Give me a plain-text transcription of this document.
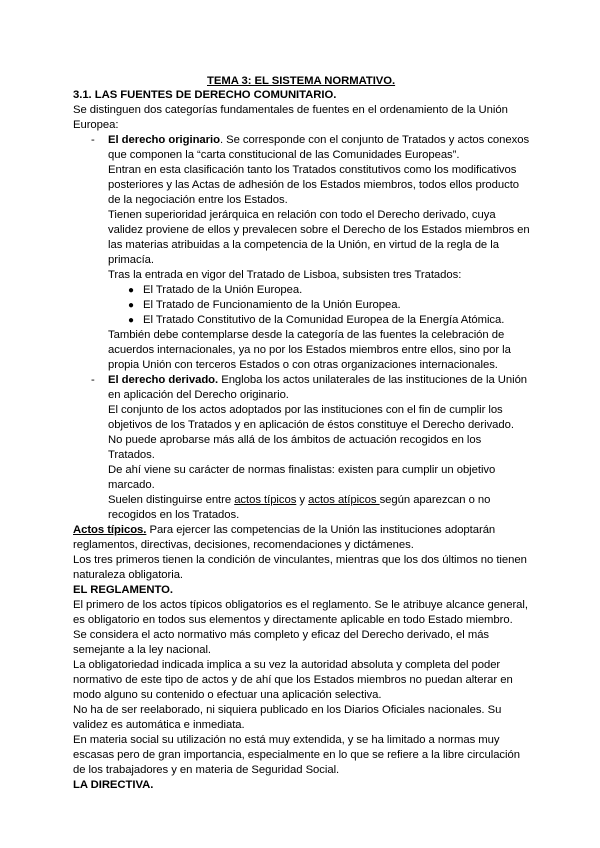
TEMA 3: EL SISTEMA NORMATIVO.
3.1. LAS FUENTES DE DERECHO COMUNITARIO.
Se distinguen dos categorías fundamentales de fuentes en el ordenamiento de la Unión
Europea:
- El derecho originario. Se corresponde con el conjunto de Tratados y actos conexos
que componen la “carta constitucional de las Comunidades Europeas”.
Entran en esta clasificación tanto los Tratados constitutivos como los modificativos
posteriores y las Actas de adhesión de los Estados miembros, todos ellos producto
de la negociación entre los Estados.
Tienen superioridad jerárquica en relación con todo el Derecho derivado, cuya
validez proviene de ellos y prevalecen sobre el Derecho de los Estados miembros en
las materias atribuidas a la competencia de la Unión, en virtud de la regla de la
primacía.
Tras la entrada en vigor del Tratado de Lisboa, subsisten tres Tratados:
● El Tratado de la Unión Europea.
● El Tratado de Funcionamiento de la Unión Europea.
● El Tratado Constitutivo de la Comunidad Europea de la Energía Atómica.
También debe contemplarse desde la categoría de las fuentes la celebración de
acuerdos internacionales, ya no por los Estados miembros entre ellos, sino por la
propia Unión con terceros Estados o con otras organizaciones internacionales.
- El derecho derivado. Engloba los actos unilaterales de las instituciones de la Unión
en aplicación del Derecho originario.
El conjunto de los actos adoptados por las instituciones con el fin de cumplir los
objetivos de los Tratados y en aplicación de éstos constituye el Derecho derivado.
No puede aprobarse más allá de los ámbitos de actuación recogidos en los
Tratados.
De ahí viene su carácter de normas finalistas: existen para cumplir un objetivo
marcado.
Suelen distinguirse entre actos típicos y actos atípicos según aparezcan o no
recogidos en los Tratados.
Actos típicos. Para ejercer las competencias de la Unión las instituciones adoptarán
reglamentos, directivas, decisiones, recomendaciones y dictámenes.
Los tres primeros tienen la condición de vinculantes, mientras que los dos últimos no tienen
naturaleza obligatoria.
EL REGLAMENTO.
El primero de los actos típicos obligatorios es el reglamento. Se le atribuye alcance general,
es obligatorio en todos sus elementos y directamente aplicable en todo Estado miembro.
Se considera el acto normativo más completo y eficaz del Derecho derivado, el más
semejante a la ley nacional.
La obligatoriedad indicada implica a su vez la autoridad absoluta y completa del poder
normativo de este tipo de actos y de ahí que los Estados miembros no puedan alterar en
modo alguno su contenido o efectuar una aplicación selectiva.
No ha de ser reelaborado, ni siquiera publicado en los Diarios Oficiales nacionales. Su
validez es automática e inmediata.
En materia social su utilización no está muy extendida, y se ha limitado a normas muy
escasas pero de gran importancia, especialmente en lo que se refiere a la libre circulación
de los trabajadores y en materia de Seguridad Social.
LA DIRECTIVA.
